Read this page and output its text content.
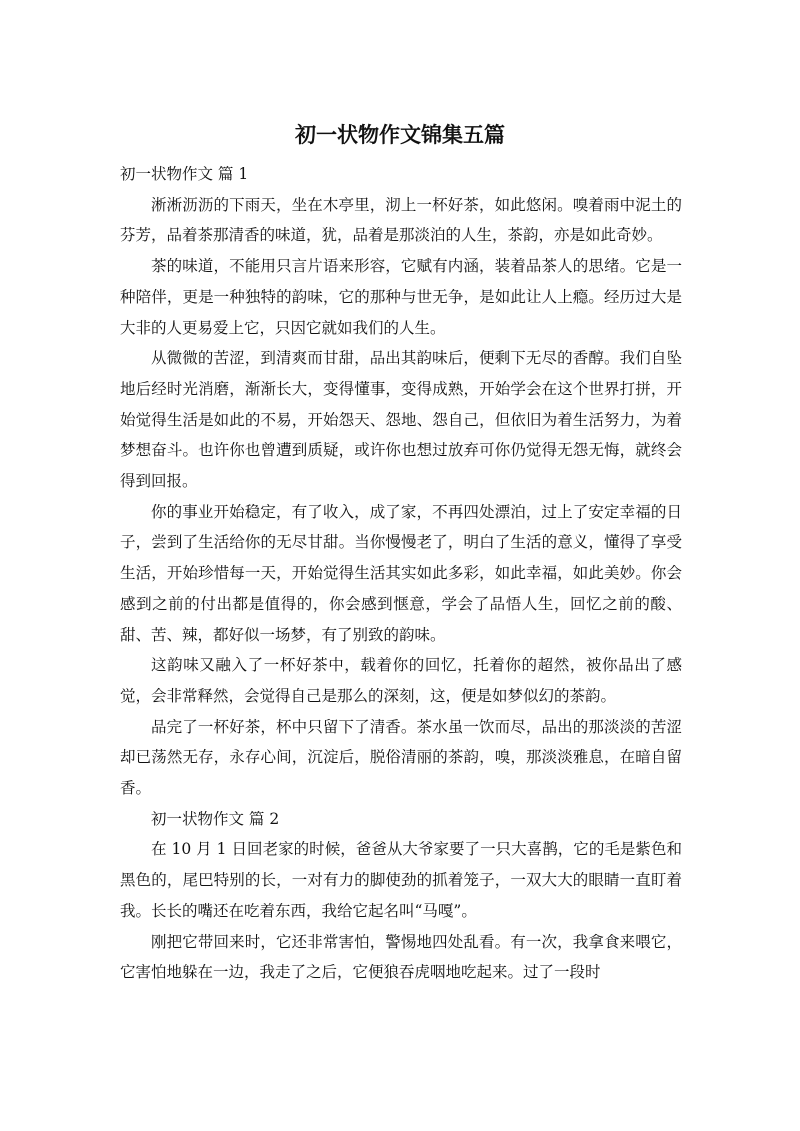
初一状物作文锦集五篇

初一状物作文 篇 1

淅淅沥沥的下雨天，坐在木亭里，沏上一杯好茶，如此悠闲。嗅着雨中泥土的芬芳，品着茶那清香的味道，犹，品着是那淡泊的人生，茶韵，亦是如此奇妙。

茶的味道，不能用只言片语来形容，它赋有内涵，装着品茶人的思绪。它是一种陪伴，更是一种独特的韵味，它的那种与世无争，是如此让人上瘾。经历过大是大非的人更易爱上它，只因它就如我们的人生。

从微微的苦涩，到清爽而甘甜，品出其韵味后，便剩下无尽的香醇。我们自坠地后经时光消磨，渐渐长大，变得懂事，变得成熟，开始学会在这个世界打拼，开始觉得生活是如此的不易，开始怨天、怨地、怨自己，但依旧为着生活努力，为着梦想奋斗。也许你也曾遭到质疑，或许你也想过放弃可你仍觉得无怨无悔，就终会得到回报。

你的事业开始稳定，有了收入，成了家，不再四处漂泊，过上了安定幸福的日子，尝到了生活给你的无尽甘甜。当你慢慢老了，明白了生活的意义，懂得了享受生活，开始珍惜每一天，开始觉得生活其实如此多彩，如此幸福，如此美妙。你会感到之前的付出都是值得的，你会感到惬意，学会了品悟人生，回忆之前的酸、甜、苦、辣，都好似一场梦，有了别致的韵味。

这韵味又融入了一杯好茶中，载着你的回忆，托着你的超然，被你品出了感觉，会非常释然，会觉得自己是那么的深刻，这，便是如梦似幻的茶韵。

品完了一杯好茶，杯中只留下了清香。茶水虽一饮而尽，品出的那淡淡的苦涩却已荡然无存，永存心间，沉淀后，脱俗清丽的茶韵，嗅，那淡淡雅息，在暗自留香。

初一状物作文 篇 2

在 10 月 1 日回老家的时候，爸爸从大爷家要了一只大喜鹊，它的毛是紫色和黑色的，尾巴特别的长，一对有力的脚使劲的抓着笼子，一双大大的眼睛一直盯着我。长长的嘴还在吃着东西，我给它起名叫“马嘎”。

刚把它带回来时，它还非常害怕，警惕地四处乱看。有一次，我拿食来喂它，它害怕地躲在一边，我走了之后，它便狼吞虎咽地吃起来。过了一段时
